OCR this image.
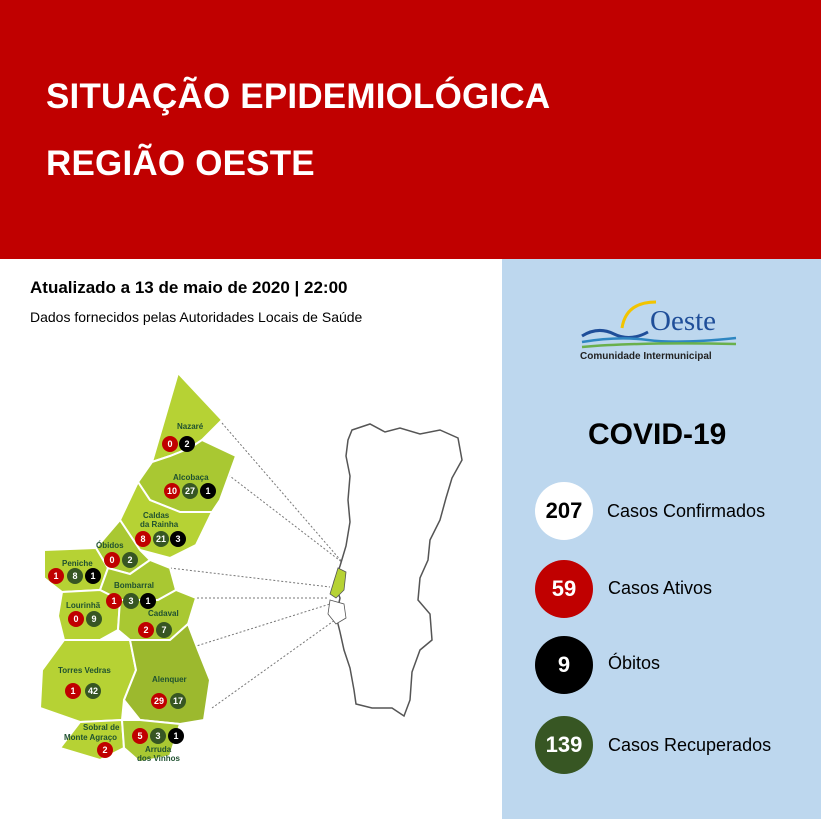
SITUAÇÃO EPIDEMIOLÓGICA
REGIÃO OESTE
Atualizado a 13 de maio de 2020 | 22:00
Dados fornecidos pelas Autoridades Locais de Saúde
Nazaré
Alcobaça
Caldas
da Rainha
Óbidos
Peniche
Bombarral
Lourinhã
Cadaval
Torres Vedras
Alenquer
Sobral de
Monte Agraço
Arruda
dos Vinhos
0 2
10 27 1
8 21 3
0 2
1 8 1
1 3 1
0 9
2 7
1 42
29 17
2
5 3 1
Oeste
Comunidade Intermunicipal
COVID-19
207	Casos Confirmados
59	Casos Ativos
9	Óbitos
139	Casos Recuperados
